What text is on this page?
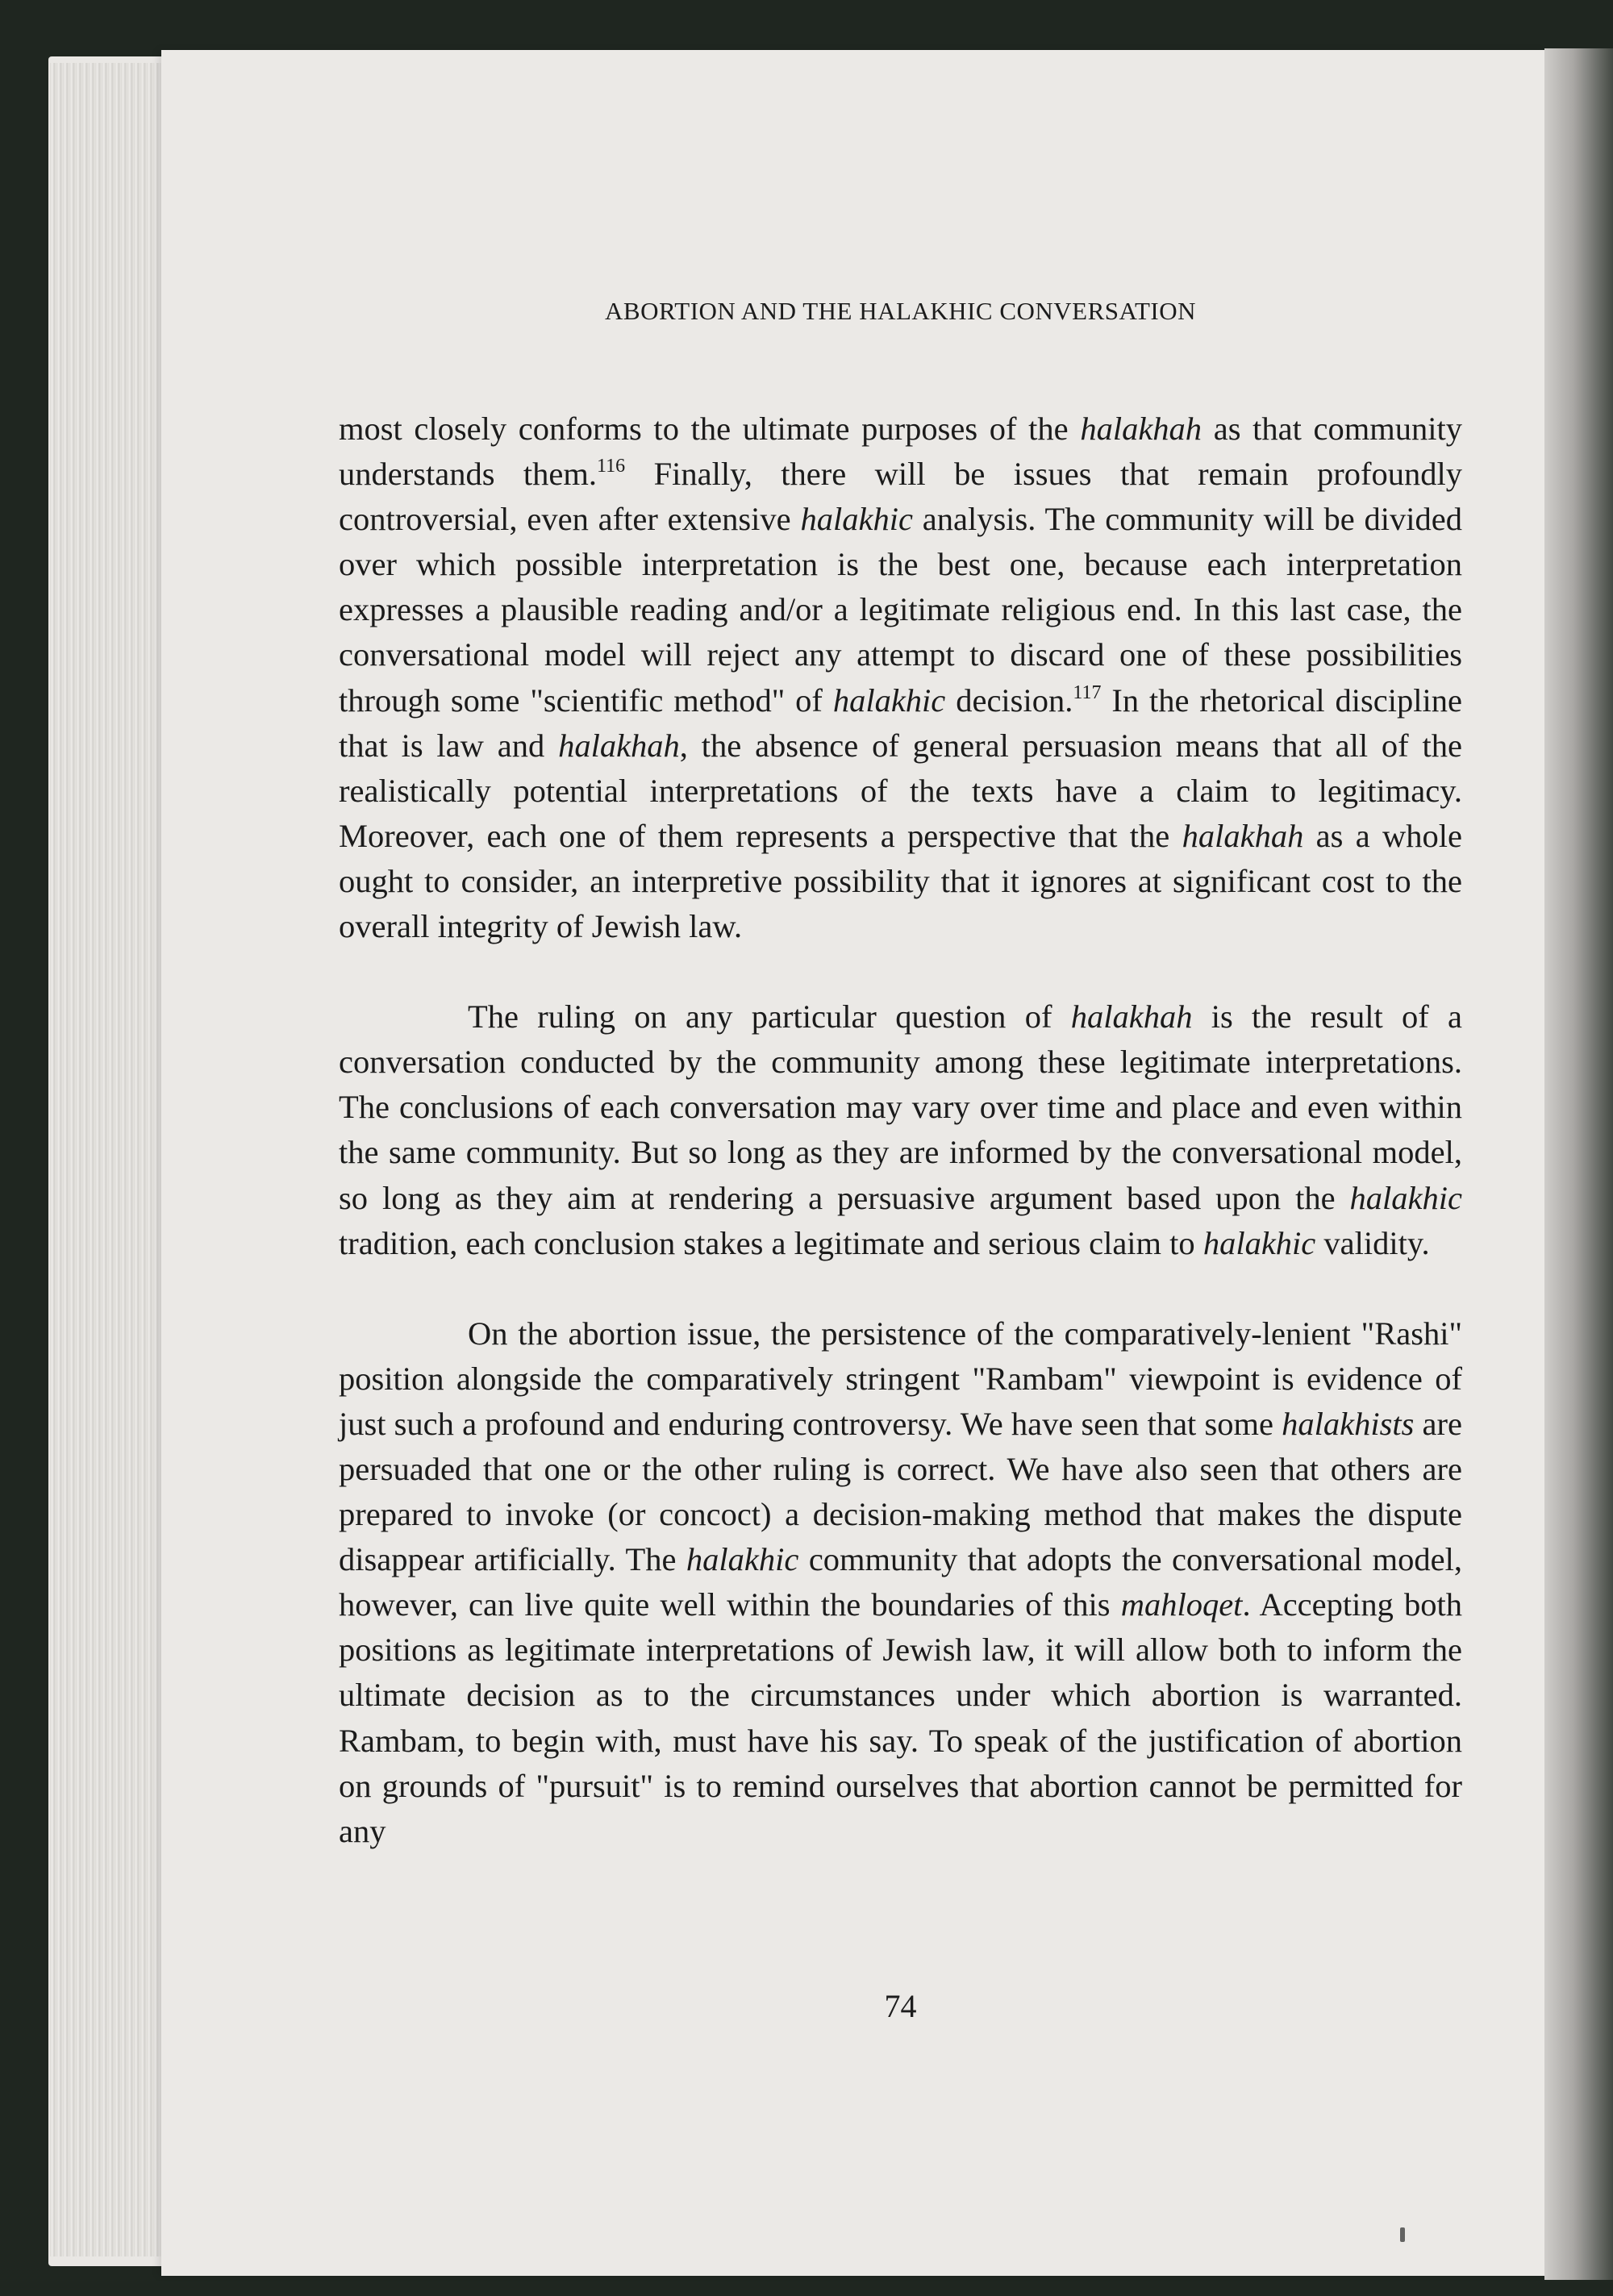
ABORTION AND THE HALAKHIC CONVERSATION

most closely conforms to the ultimate purposes of the halakhah as that community understands them.$^{116}$ Finally, there will be issues that remain profoundly controversial, even after extensive halakhic analysis. The community will be divided over which possible interpretation is the best one, because each interpretation expresses a plausible reading and/or a legitimate religious end. In this last case, the conversational model will reject any attempt to discard one of these possibilities through some "scientific method" of halakhic decision.$^{117}$ In the rhetorical discipline that is law and halakhah, the absence of general persuasion means that all of the realistically potential interpretations of the texts have a claim to legitimacy. Moreover, each one of them represents a perspective that the halakhah as a whole ought to consider, an interpretive possibility that it ignores at significant cost to the overall integrity of Jewish law.

The ruling on any particular question of halakhah is the result of a conversation conducted by the community among these legitimate interpretations. The conclusions of each conversation may vary over time and place and even within the same community. But so long as they are informed by the conversational model, so long as they aim at rendering a persuasive argument based upon the halakhic tradition, each conclusion stakes a legitimate and serious claim to halakhic validity.

On the abortion issue, the persistence of the comparatively-lenient "Rashi" position alongside the comparatively stringent "Rambam" viewpoint is evidence of just such a profound and enduring controversy. We have seen that some halakhists are persuaded that one or the other ruling is correct. We have also seen that others are prepared to invoke (or concoct) a decision-making method that makes the dispute disappear artificially. The halakhic community that adopts the conversational model, however, can live quite well within the boundaries of this mahloqet. Accepting both positions as legitimate interpretations of Jewish law, it will allow both to inform the ultimate decision as to the circumstances under which abortion is warranted. Rambam, to begin with, must have his say. To speak of the justification of abortion on grounds of "pursuit" is to remind ourselves that abortion cannot be permitted for any

74
